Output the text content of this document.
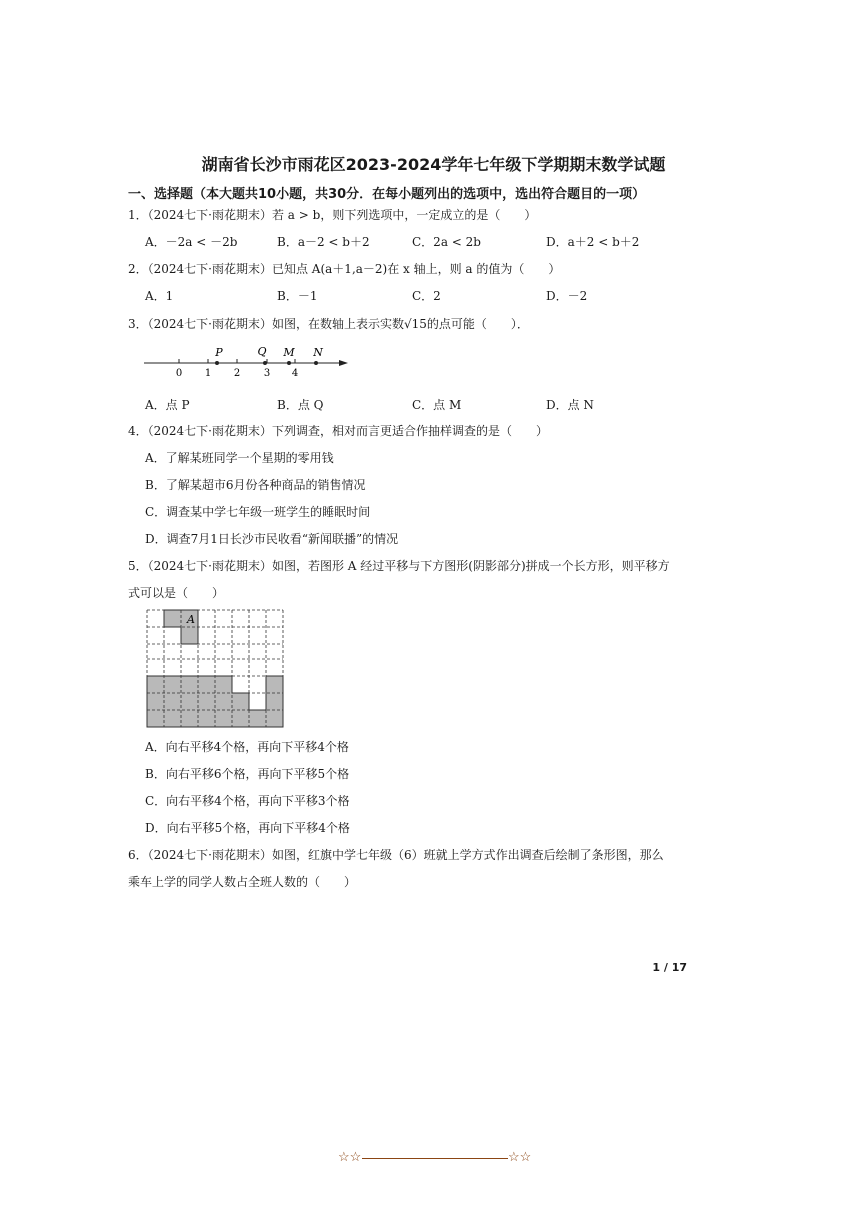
湖南省长沙市雨花区2023-2024学年七年级下学期期末数学试题
一、选择题（本大题共10小题，共30分．在每小题列出的选项中，选出符合题目的一项）
1．（2024七下·雨花期末）若 a > b，则下列选项中，一定成立的是（　　）
A．－2a < －2b	B．a－2 < b＋2	C．2a < 2b	D．a＋2 < b＋2
2．（2024七下·雨花期末）已知点 A(a＋1,a－2)在 x 轴上，则 a 的值为（　　）
A．1	B．－1	C．2	D．－2
3．（2024七下·雨花期末）如图，在数轴上表示实数√15的点可能（　　）．
0 1 2 3 4
P	Q M N
A．点 P	B．点 Q	C．点 M	D．点 N
4．（2024七下·雨花期末）下列调查，相对而言更适合作抽样调查的是（　　）
A．了解某班同学一个星期的零用钱
B．了解某超市6月份各种商品的销售情况
C．调查某中学七年级一班学生的睡眠时间
D．调查7月1日长沙市民收看“新闻联播”的情况
5．（2024七下·雨花期末）如图，若图形 A 经过平移与下方图形(阴影部分)拼成一个长方形，则平移方
式可以是（　　）
A
A．向右平移4个格，再向下平移4个格
B．向右平移6个格，再向下平移5个格
C．向右平移4个格，再向下平移3个格
D．向右平移5个格，再向下平移4个格
6．（2024七下·雨花期末）如图，红旗中学七年级（6）班就上学方式作出调查后绘制了条形图，那么
乘车上学的同学人数占全班人数的（　　）
1 / 17
☆☆	☆☆
